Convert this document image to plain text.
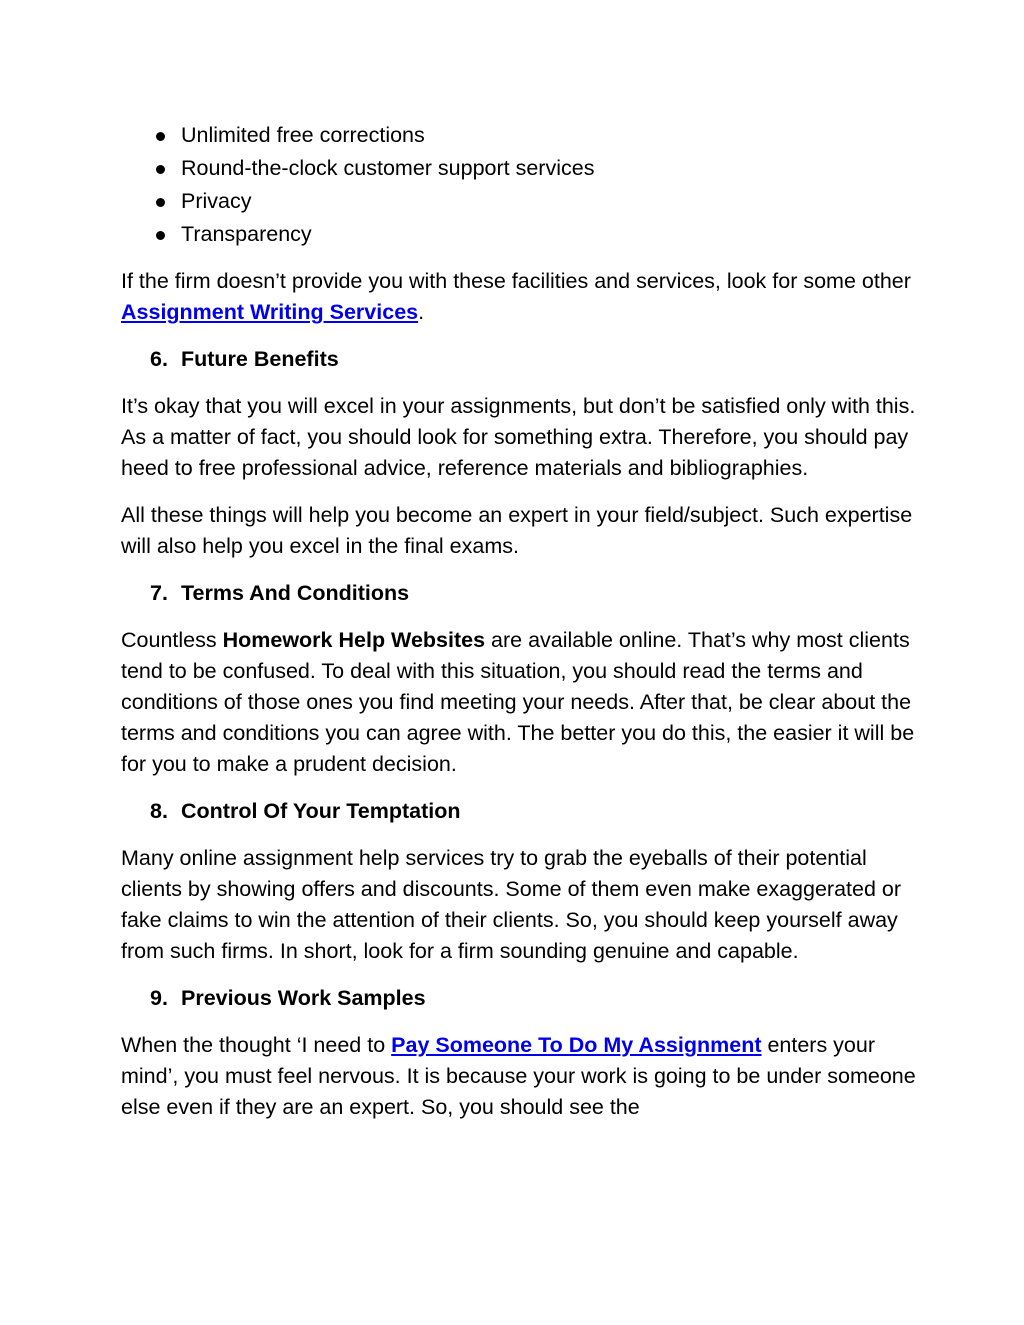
Unlimited free corrections
Round-the-clock customer support services
Privacy
Transparency

If the firm doesn’t provide you with these facilities and services, look for some other Assignment Writing Services.

6. Future Benefits

It’s okay that you will excel in your assignments, but don’t be satisfied only with this. As a matter of fact, you should look for something extra. Therefore, you should pay heed to free professional advice, reference materials and bibliographies.

All these things will help you become an expert in your field/subject. Such expertise will also help you excel in the final exams.

7. Terms And Conditions

Countless Homework Help Websites are available online. That’s why most clients tend to be confused. To deal with this situation, you should read the terms and conditions of those ones you find meeting your needs. After that, be clear about the terms and conditions you can agree with. The better you do this, the easier it will be for you to make a prudent decision.

8. Control Of Your Temptation

Many online assignment help services try to grab the eyeballs of their potential clients by showing offers and discounts. Some of them even make exaggerated or fake claims to win the attention of their clients. So, you should keep yourself away from such firms. In short, look for a firm sounding genuine and capable.

9. Previous Work Samples

When the thought ‘I need to Pay Someone To Do My Assignment enters your mind’, you must feel nervous. It is because your work is going to be under someone else even if they are an expert. So, you should see the
